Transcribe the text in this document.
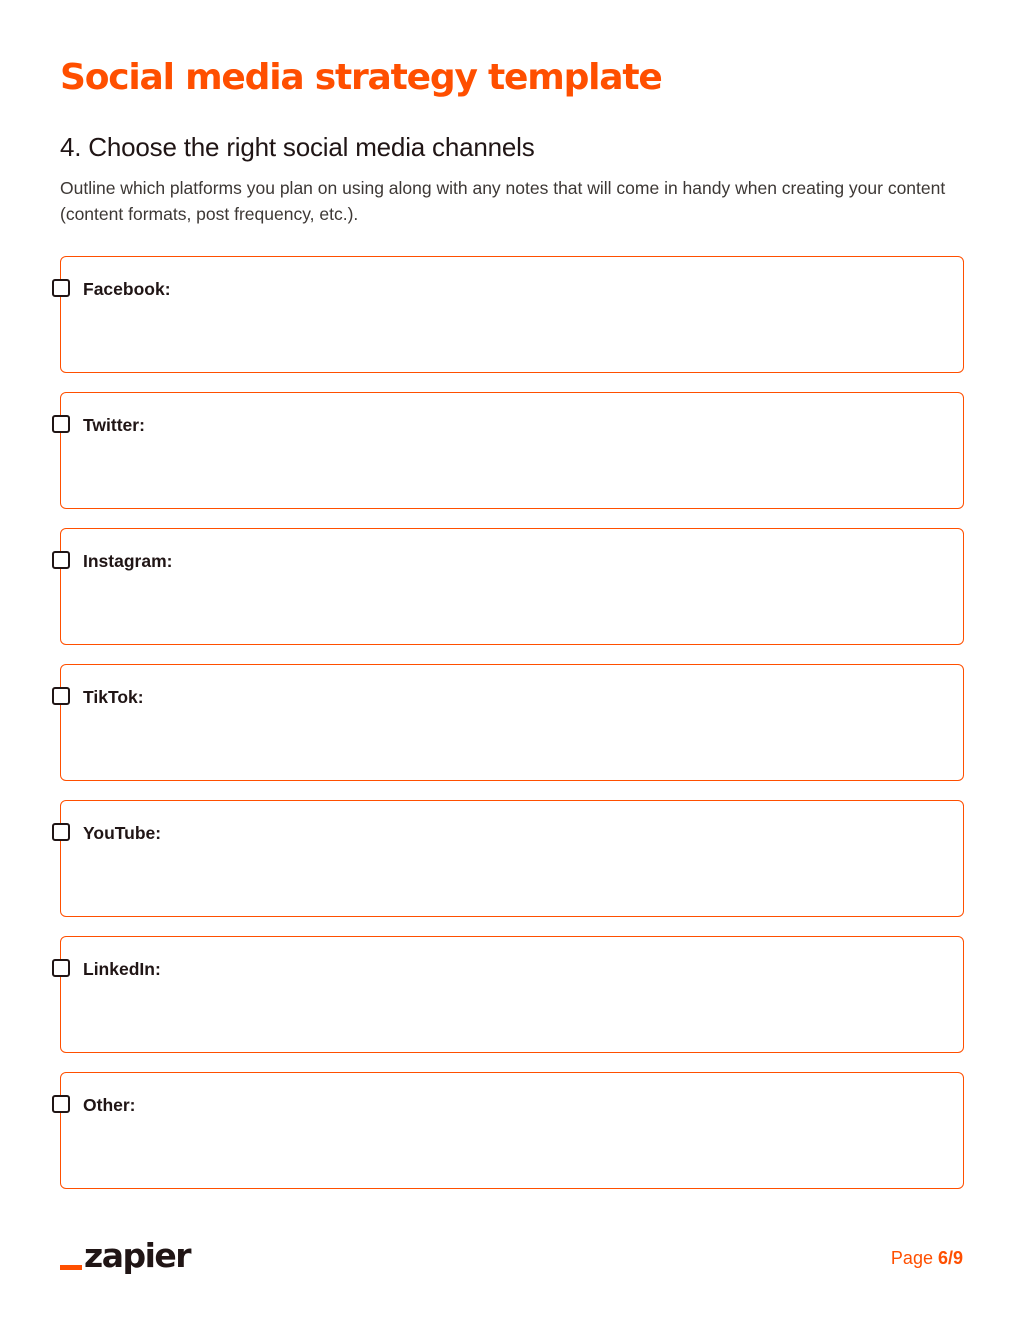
Social media strategy template
4. Choose the right social media channels

Outline which platforms you plan on using along with any notes that will come in handy when creating your content (content formats, post frequency, etc.).

Facebook:
Twitter:
Instagram:
TikTok:
YouTube:
LinkedIn:
Other:
zapier	Page 6/9
